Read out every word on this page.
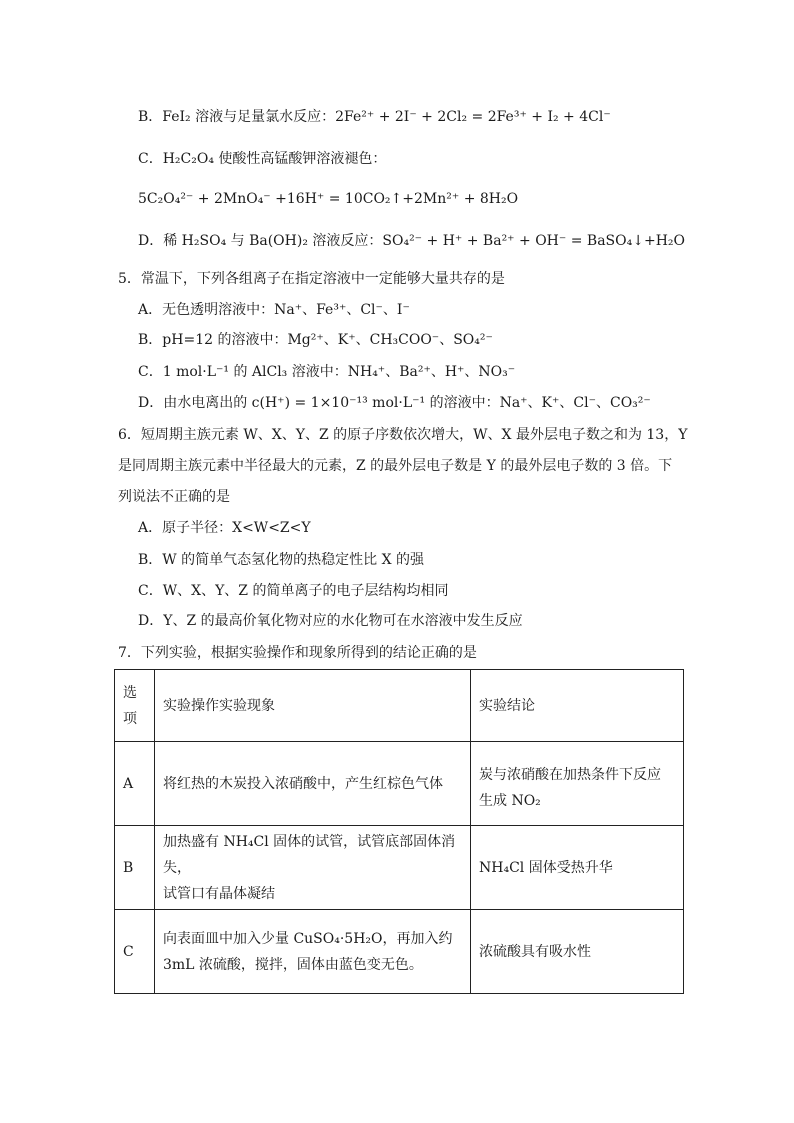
B．FeI₂ 溶液与足量氯水反应：2Fe²⁺ + 2I⁻ + 2Cl₂ = 2Fe³⁺ + I₂ + 4Cl⁻
C．H₂C₂O₄ 使酸性高锰酸钾溶液褪色：
5C₂O₄²⁻ + 2MnO₄⁻ +16H⁺ = 10CO₂↑+2Mn²⁺ + 8H₂O
D．稀 H₂SO₄ 与 Ba(OH)₂ 溶液反应：SO₄²⁻ + H⁺ + Ba²⁺ + OH⁻ = BaSO₄↓+H₂O
5．常温下，下列各组离子在指定溶液中一定能够大量共存的是
A．无色透明溶液中：Na⁺、Fe³⁺、Cl⁻、I⁻
B．pH=12 的溶液中：Mg²⁺、K⁺、CH₃COO⁻、SO₄²⁻
C．1 mol·L⁻¹ 的 AlCl₃ 溶液中：NH₄⁺、Ba²⁺、H⁺、NO₃⁻
D．由水电离出的 c(H⁺) = 1×10⁻¹³ mol·L⁻¹ 的溶液中：Na⁺、K⁺、Cl⁻、CO₃²⁻
6．短周期主族元素 W、X、Y、Z 的原子序数依次增大，W、X 最外层电子数之和为 13，Y
是同周期主族元素中半径最大的元素，Z 的最外层电子数是 Y 的最外层电子数的 3 倍。下
列说法不正确的是
A．原子半径：X<W<Z<Y
B．W 的简单气态氢化物的热稳定性比 X 的强
C．W、X、Y、Z 的简单离子的电子层结构均相同
D．Y、Z 的最高价氧化物对应的水化物可在水溶液中发生反应
7．下列实验，根据实验操作和现象所得到的结论正确的是
选
项	实验操作实验现象	实验结论
A	将红热的木炭投入浓硝酸中，产生红棕色气体	炭与浓硝酸在加热条件下反应
生成 NO₂

B	加热盛有 NH₄Cl 固体的试管，试管底部固体消失，
试管口有晶体凝结	NH₄Cl 固体受热升华
C	向表面皿中加入少量 CuSO₄·5H₂O，再加入约
3mL 浓硫酸，搅拌，固体由蓝色变无色。	浓硫酸具有吸水性
